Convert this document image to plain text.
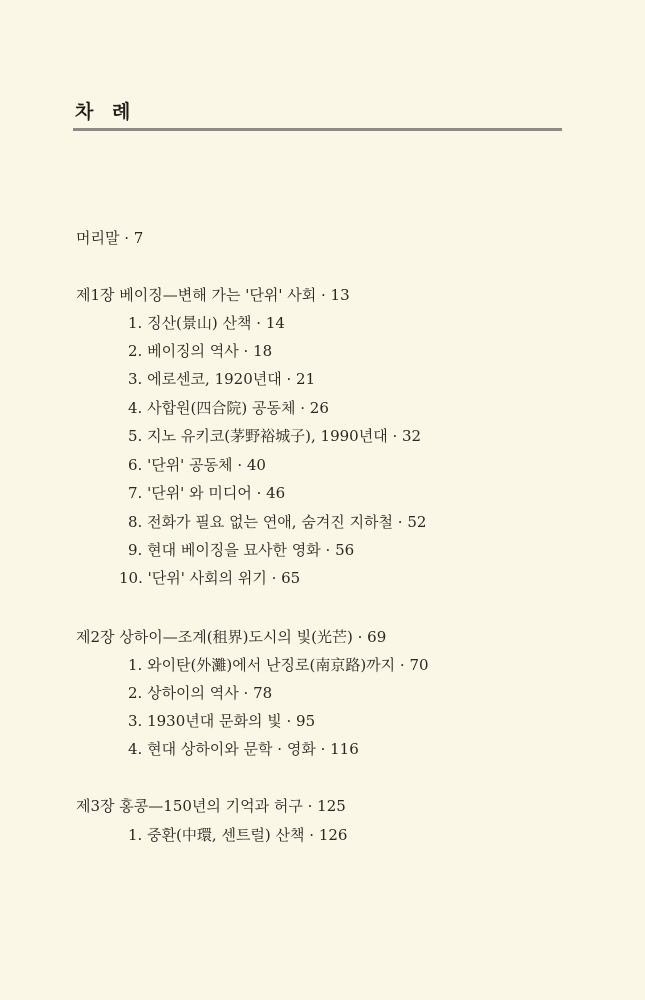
차 례
머리말 · 7
제1장 베이징—변해 가는 '단위' 사회 · 13
1. 징산(景山) 산책 · 14
2. 베이징의 역사 · 18
3. 에로센코, 1920년대 · 21
4. 사합원(四合院) 공동체 · 26
5. 지노 유키코(茅野裕城子), 1990년대 · 32
6. '단위' 공동체 · 40
7. '단위' 와 미디어 · 46
8. 전화가 필요 없는 연애, 숨겨진 지하철 · 52
9. 현대 베이징을 묘사한 영화 · 56
10. '단위' 사회의 위기 · 65
제2장 상하이—조계(租界)도시의 빛(光芒) · 69
1. 와이탄(外灘)에서 난징로(南京路)까지 · 70
2. 상하이의 역사 · 78
3. 1930년대 문화의 빛 · 95
4. 현대 상하이와 문학 · 영화 · 116
제3장 홍콩—150년의 기억과 허구 · 125
1. 중환(中環, 센트럴) 산책 · 126
